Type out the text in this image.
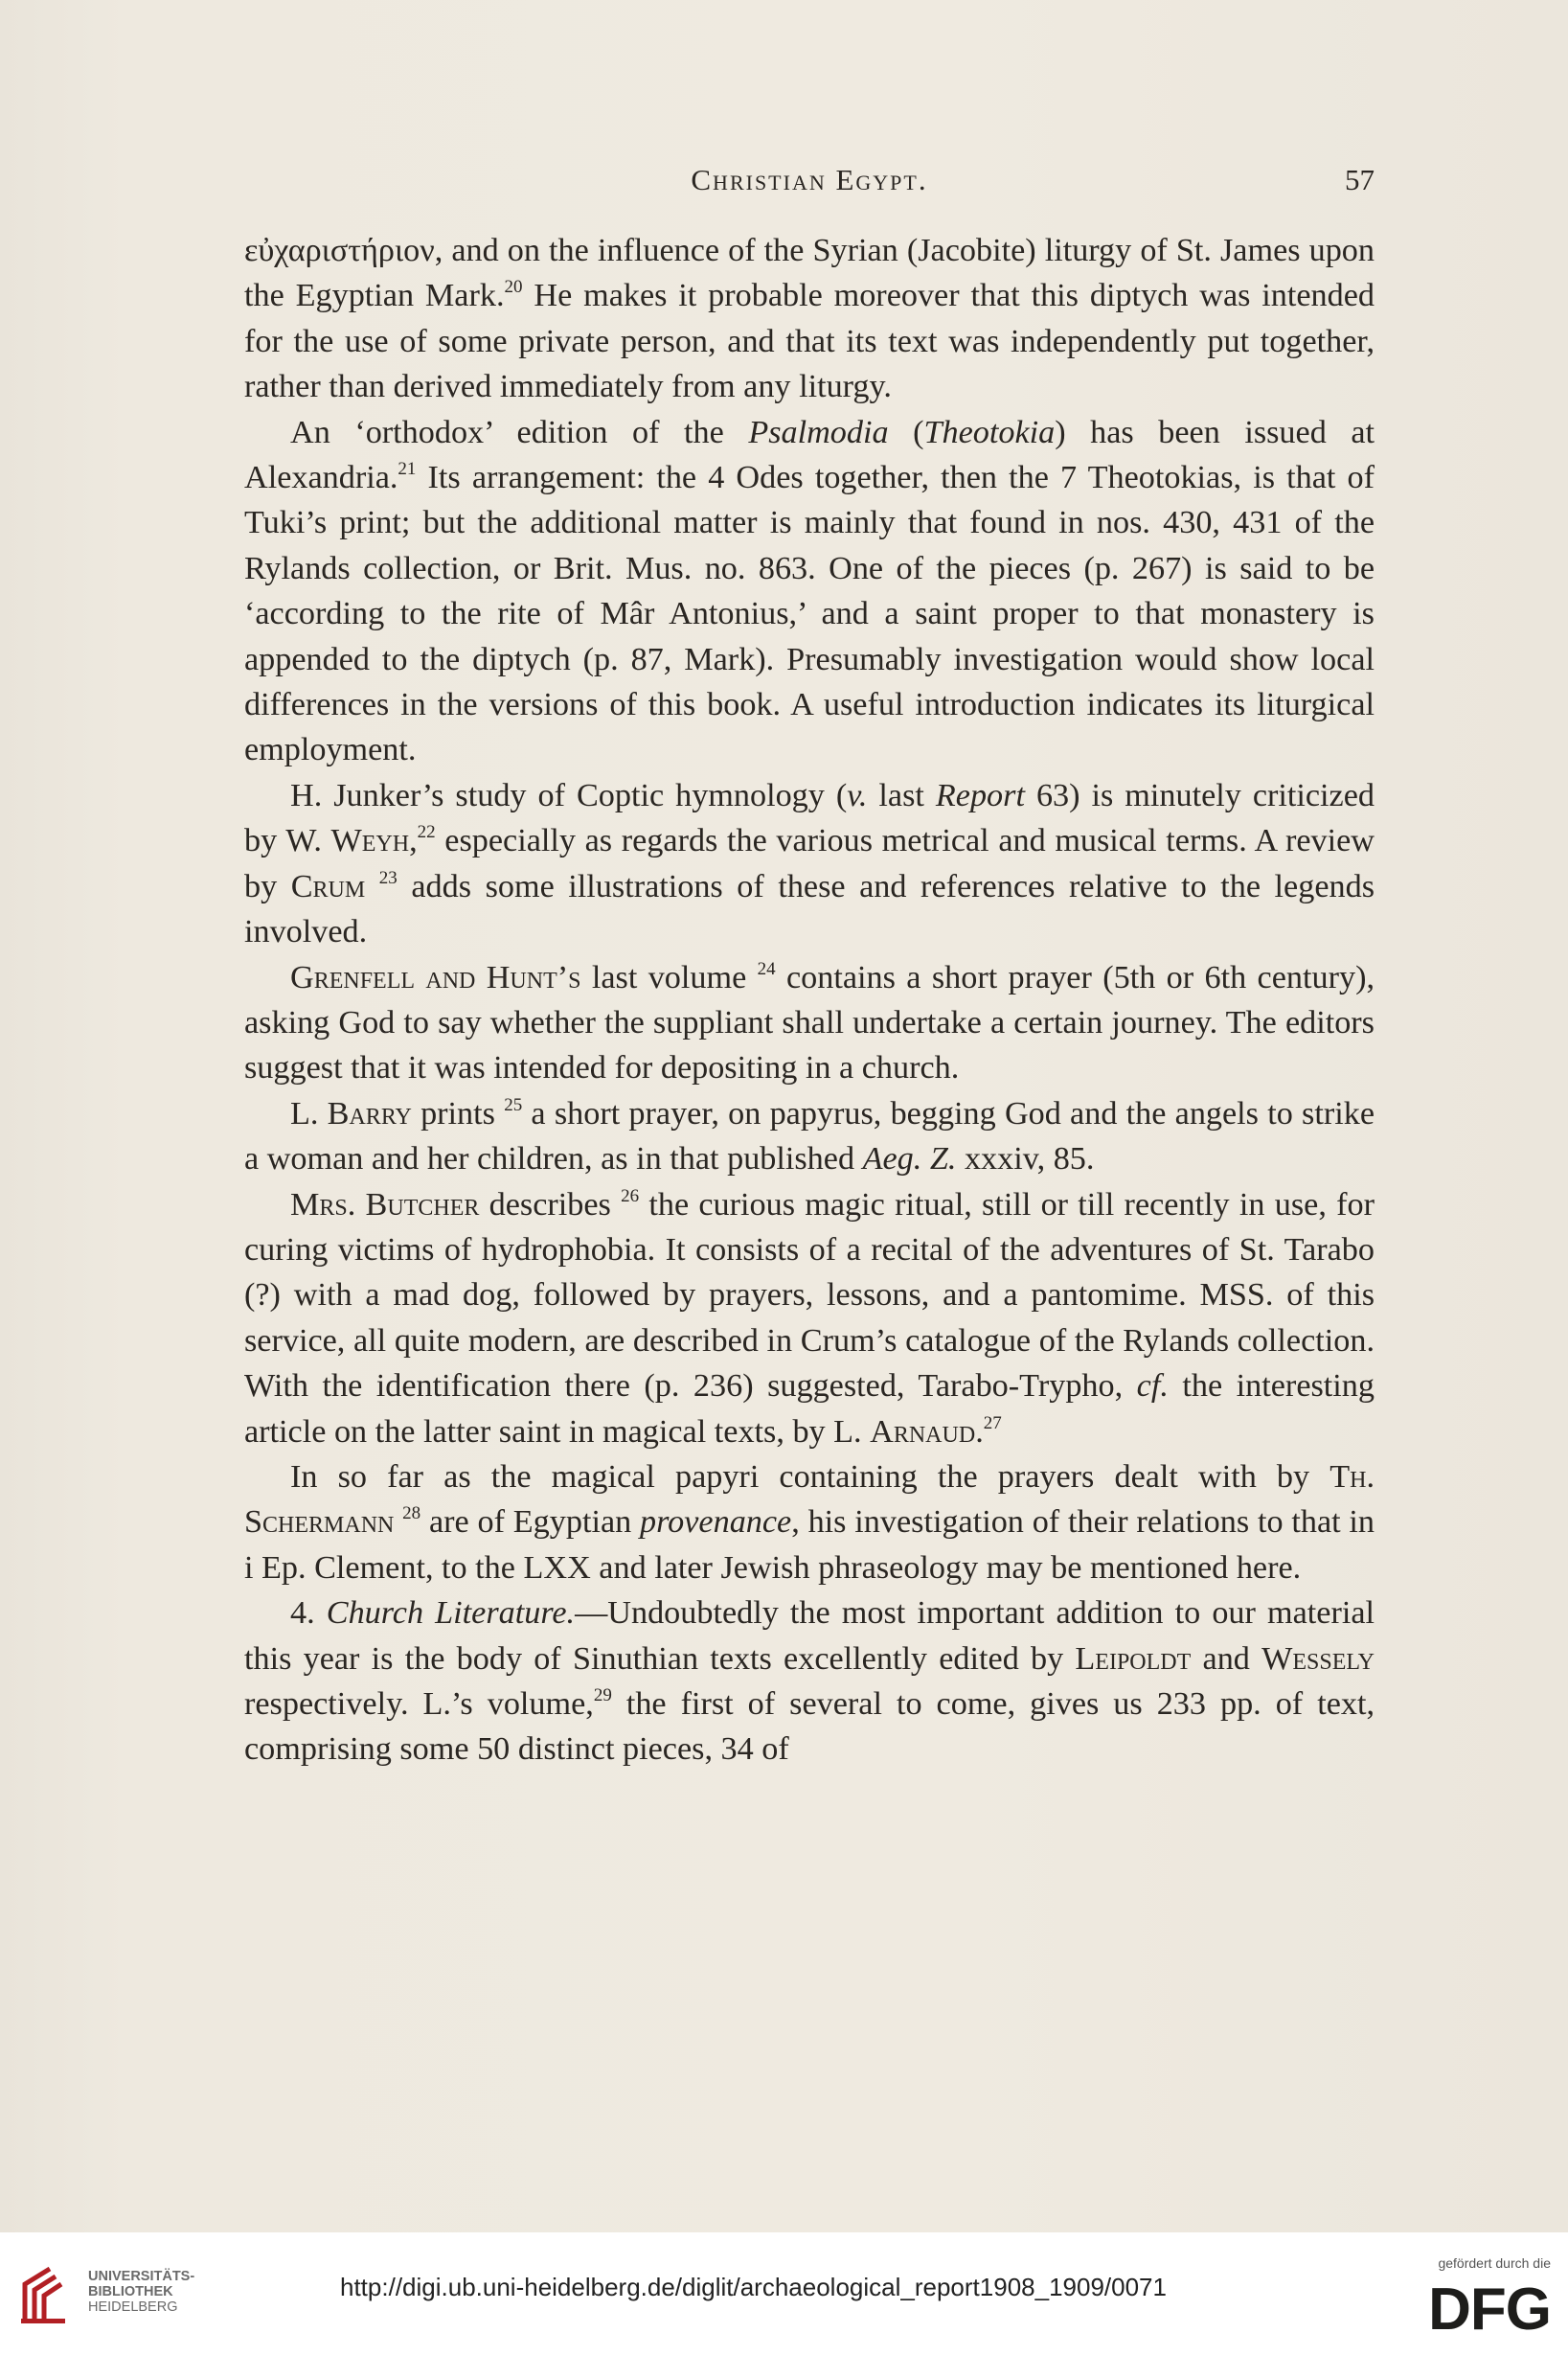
Christian Egypt.	57

εὐχαριστήριον, and on the influence of the Syrian (Jacobite) liturgy of St. James upon the Egyptian Mark.$^{20}$ He makes it probable moreover that this diptych was intended for the use of some private person, and that its text was independently put together, rather than derived immediately from any liturgy.

An ‘orthodox’ edition of the Psalmodia (Theotokia) has been issued at Alexandria.$^{21}$ Its arrangement: the 4 Odes together, then the 7 Theotokias, is that of Tuki’s print; but the additional matter is mainly that found in nos. 430, 431 of the Rylands collection, or Brit. Mus. no. 863. One of the pieces (p. 267) is said to be ‘according to the rite of Mâr Antonius,’ and a saint proper to that monastery is appended to the diptych (p. 87, Mark). Presumably investigation would show local differences in the versions of this book. A useful introduction indicates its liturgical employment.

H. Junker’s study of Coptic hymnology (v. last Report 63) is minutely criticized by W. Weyh,$^{22}$ especially as regards the various metrical and musical terms. A review by Crum $^{23}$ adds some illustrations of these and references relative to the legends involved.

Grenfell and Hunt’s last volume $^{24}$ contains a short prayer (5th or 6th century), asking God to say whether the suppliant shall undertake a certain journey. The editors suggest that it was intended for depositing in a church.

L. Barry prints $^{25}$ a short prayer, on papyrus, begging God and the angels to strike a woman and her children, as in that published Aeg. Z. xxxiv, 85.

Mrs. Butcher describes $^{26}$ the curious magic ritual, still or till recently in use, for curing victims of hydrophobia. It consists of a recital of the adventures of St. Tarabo (?) with a mad dog, followed by prayers, lessons, and a pantomime. MSS. of this service, all quite modern, are described in Crum’s catalogue of the Rylands collection. With the identification there (p. 236) suggested, Tarabo-Trypho, cf. the interesting article on the latter saint in magical texts, by L. Arnaud.$^{27}$

In so far as the magical papyri containing the prayers dealt with by Th. Schermann $^{28}$ are of Egyptian provenance, his investigation of their relations to that in i Ep. Clement, to the LXX and later Jewish phraseology may be mentioned here.

4. Church Literature.—Undoubtedly the most important addition to our material this year is the body of Sinuthian texts excellently edited by Leipoldt and Wessely respectively. L.’s volume,$^{29}$ the first of several to come, gives us 233 pp. of text, comprising some 50 distinct pieces, 34 of

UNIVERSITÄTS-
BIBLIOTHEK
HEIDELBERG
http://digi.ub.uni-heidelberg.de/diglit/archaeological_report1908_1909/0071
gefördert durch die
DFG
